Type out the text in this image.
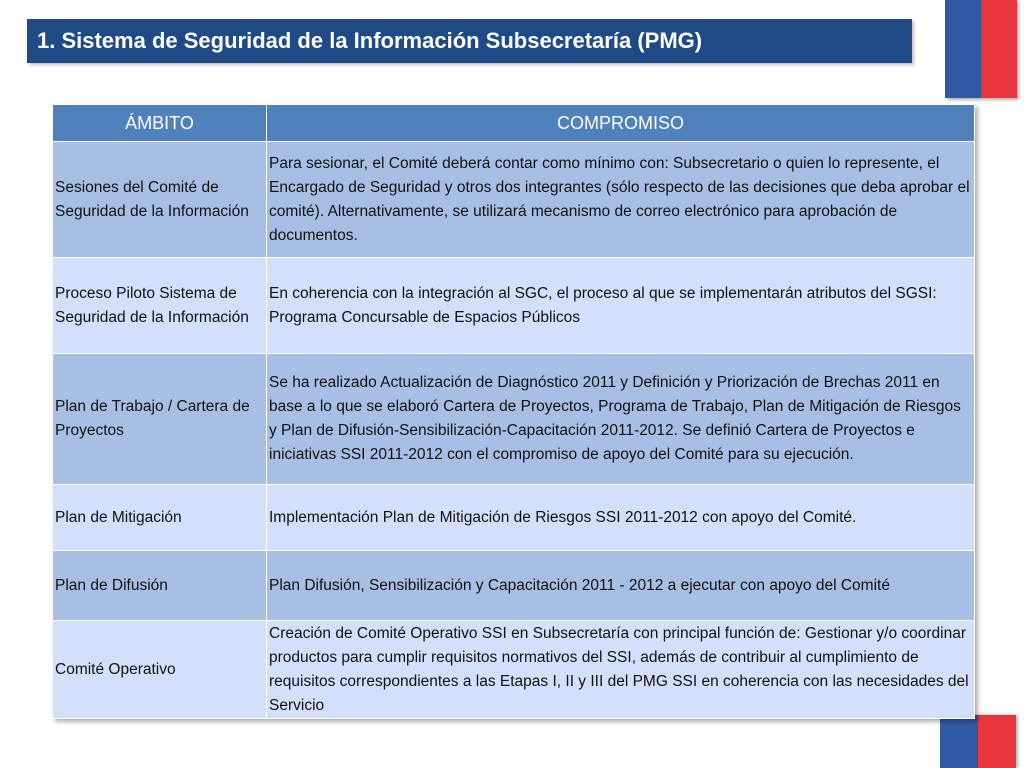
1. Sistema de Seguridad de la Información Subsecretaría (PMG)
ÁMBITO	COMPROMISO
Sesiones del Comité de Seguridad de la Información	Para sesionar, el Comité deberá contar como mínimo con: Subsecretario o quien lo represente, el Encargado de Seguridad y otros dos integrantes (sólo respecto de las decisiones que deba aprobar el comité). Alternativamente, se utilizará mecanismo de correo electrónico para aprobación de documentos.
Proceso Piloto Sistema de Seguridad de la Información	En coherencia con la integración al SGC, el proceso al que se implementarán atributos del SGSI: Programa Concursable de Espacios Públicos
Plan de Trabajo / Cartera de Proyectos	Se ha realizado Actualización de Diagnóstico 2011 y Definición y Priorización de Brechas 2011 en base a lo que se elaboró Cartera de Proyectos, Programa de Trabajo, Plan de Mitigación de Riesgos y Plan de Difusión-Sensibilización-Capacitación 2011-2012. Se definió Cartera de Proyectos e iniciativas SSI 2011-2012 con el compromiso de apoyo del Comité para su ejecución.
Plan de Mitigación	Implementación Plan de Mitigación de Riesgos SSI 2011-2012 con apoyo del Comité.
Plan de Difusión	Plan Difusión, Sensibilización y Capacitación 2011 - 2012 a ejecutar con apoyo del Comité
Comité Operativo	Creación de Comité Operativo SSI en Subsecretaría con principal función de: Gestionar y/o coordinar productos para cumplir requisitos normativos del SSI, además de contribuir al cumplimiento de requisitos correspondientes a las Etapas I, II y III del PMG SSI en coherencia con las necesidades del Servicio
